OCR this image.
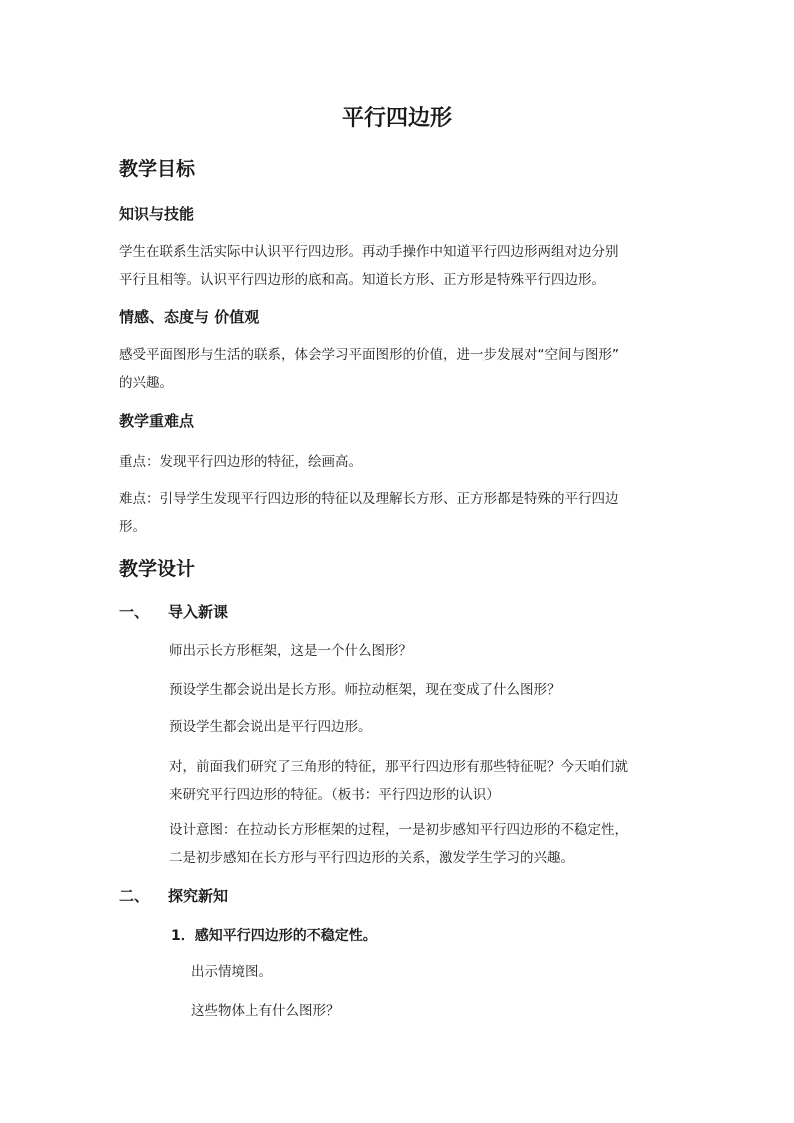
平行四边形
教学目标
知识与技能
学生在联系生活实际中认识平行四边形。再动手操作中知道平行四边形两组对边分别
平行且相等。认识平行四边形的底和高。知道长方形、正方形是特殊平行四边形。
情感、态度与 价值观
感受平面图形与生活的联系，体会学习平面图形的价值，进一步发展对“空间与图形”
的兴趣。
教学重难点
重点：发现平行四边形的特征，绘画高。
难点：引导学生发现平行四边形的特征以及理解长方形、正方形都是特殊的平行四边
形。
教学设计
一、 导入新课
师出示长方形框架，这是一个什么图形？
预设学生都会说出是长方形。师拉动框架，现在变成了什么图形？
预设学生都会说出是平行四边形。
对，前面我们研究了三角形的特征，那平行四边形有那些特征呢？今天咱们就
来研究平行四边形的特征。（板书：平行四边形的认识）
设计意图：在拉动长方形框架的过程，一是初步感知平行四边形的不稳定性，
二是初步感知在长方形与平行四边形的关系，激发学生学习的兴趣。
二、 探究新知
1．感知平行四边形的不稳定性。
出示情境图。
这些物体上有什么图形？
